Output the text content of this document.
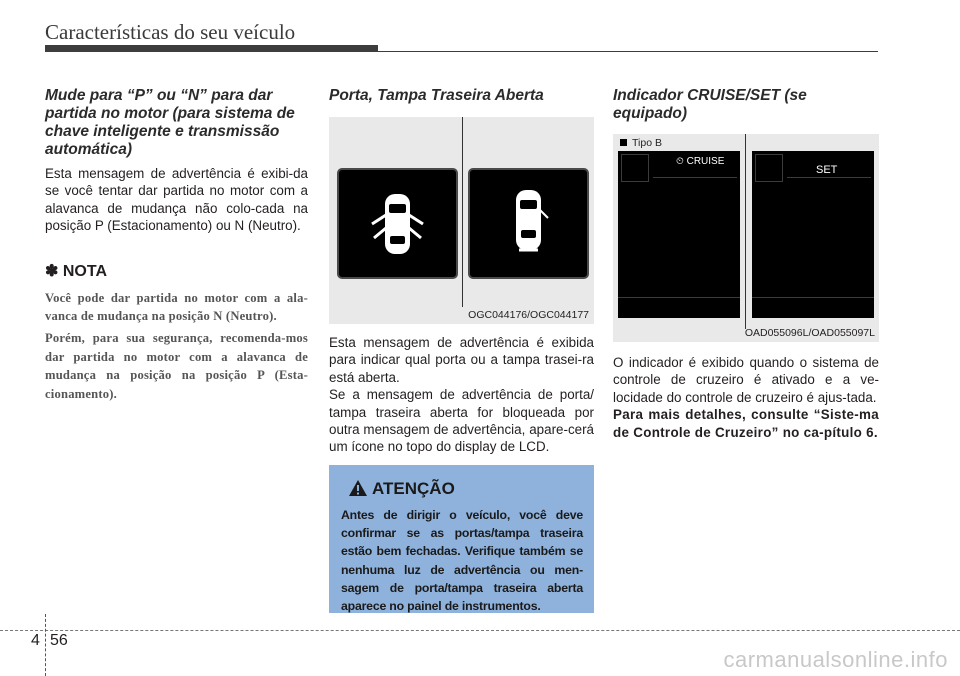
Características do seu veículo

Mude para “P” ou “N” para dar partida no motor (para sistema de chave inteligente e transmissão automática)

Esta mensagem de advertência é exibi-da se você tentar dar partida no motor com a alavanca de mudança não colo-cada na posição P (Estacionamento) ou N (Neutro).

✽ NOTA

Você pode dar partida no motor com a ala-vanca de mudança na posição N (Neutro).

Porém, para sua segurança, recomenda-mos dar partida no motor com a alavanca de mudança na posição na posição P (Esta-cionamento).

Porta, Tampa Traseira Aberta

OGC044176/OGC044177

Esta mensagem de advertência é exibida para indicar qual porta ou a tampa trasei-ra está aberta.

Se a mensagem de advertência de porta/ tampa traseira aberta for bloqueada por outra mensagem de advertência, apare-cerá um ícone no topo do display de LCD.

ATENÇÃO

Antes de dirigir o veículo, você deve confirmar se as portas/tampa traseira estão bem fechadas. Verifique também se nenhuma luz de advertência ou men-sagem de porta/tampa traseira aberta aparece no painel de instrumentos.

Indicador CRUISE/SET (se equipado)

Tipo B
⏲ CRUISE
SET
OAD055096L/OAD055097L

O indicador é exibido quando o sistema de controle de cruzeiro é ativado e a ve-locidade do controle de cruzeiro é ajus-tada.

Para mais detalhes, consulte “Siste-ma de Controle de Cruzeiro” no ca-pítulo 6.

4 56
carmanualsonline.info
